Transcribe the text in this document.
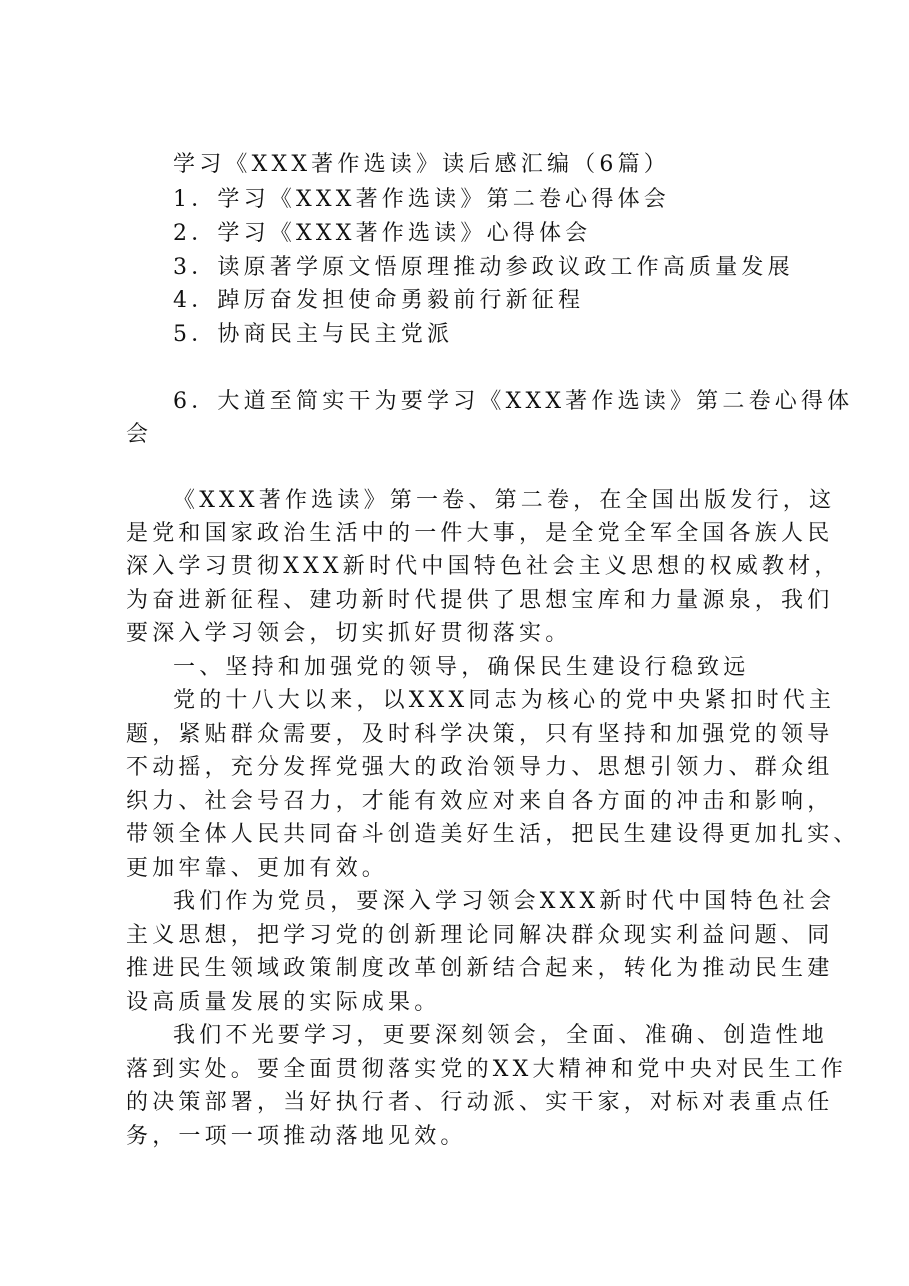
学习《XXX著作选读》读后感汇编（6篇）
1．学习《XXX著作选读》第二卷心得体会
2．学习《XXX著作选读》心得体会
3．读原著学原文悟原理推动参政议政工作高质量发展
4．踔厉奋发担使命勇毅前行新征程
5．协商民主与民主党派
6．大道至简实干为要学习《XXX著作选读》第二卷心得体
会
《XXX著作选读》第一卷、第二卷，在全国出版发行，这
是党和国家政治生活中的一件大事，是全党全军全国各族人民
深入学习贯彻XXX新时代中国特色社会主义思想的权威教材，
为奋进新征程、建功新时代提供了思想宝库和力量源泉，我们
要深入学习领会，切实抓好贯彻落实。
一、坚持和加强党的领导，确保民生建设行稳致远
党的十八大以来，以XXX同志为核心的党中央紧扣时代主
题，紧贴群众需要，及时科学决策，只有坚持和加强党的领导
不动摇，充分发挥党强大的政治领导力、思想引领力、群众组
织力、社会号召力，才能有效应对来自各方面的冲击和影响，
带领全体人民共同奋斗创造美好生活，把民生建设得更加扎实、
更加牢靠、更加有效。
我们作为党员，要深入学习领会XXX新时代中国特色社会
主义思想，把学习党的创新理论同解决群众现实利益问题、同
推进民生领域政策制度改革创新结合起来，转化为推动民生建
设高质量发展的实际成果。
我们不光要学习，更要深刻领会，全面、准确、创造性地
落到实处。要全面贯彻落实党的XX大精神和党中央对民生工作
的决策部署，当好执行者、行动派、实干家，对标对表重点任
务，一项一项推动落地见效。
